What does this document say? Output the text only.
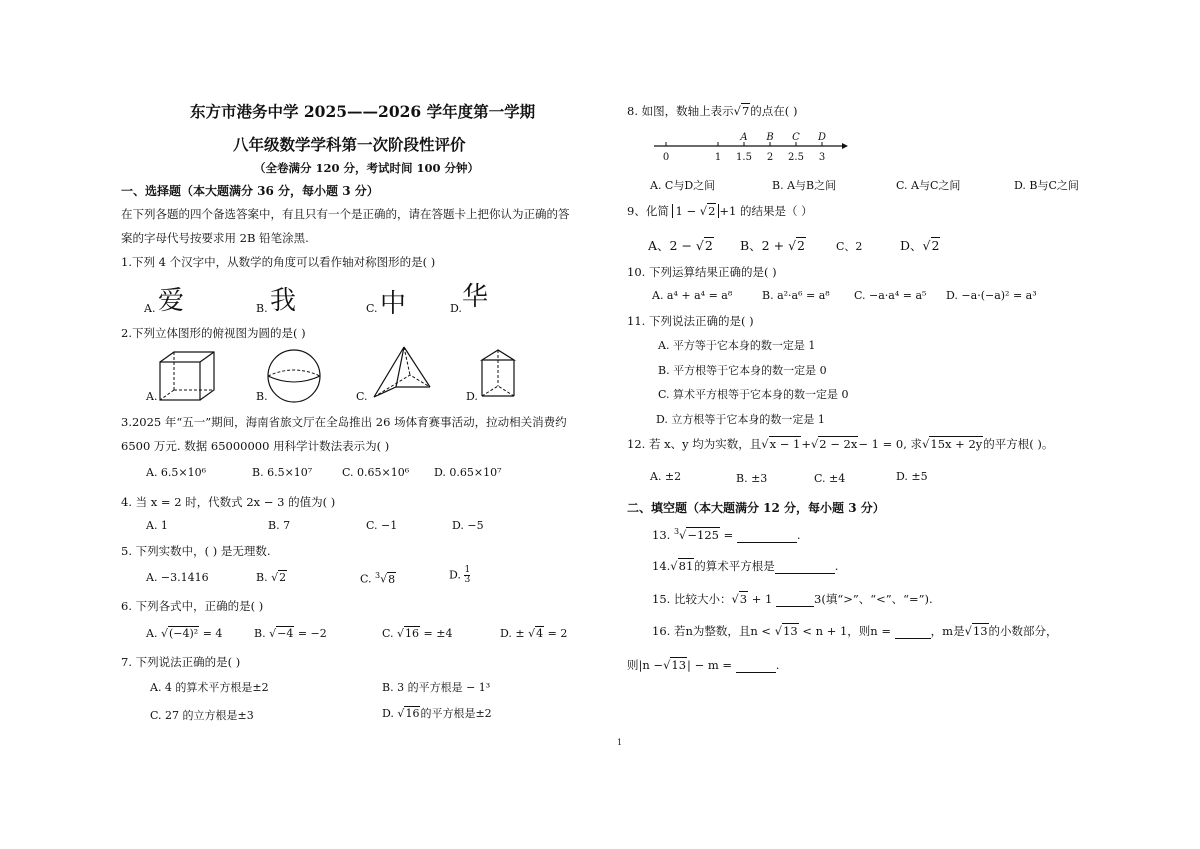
东方市港务中学 2025——2026 学年度第一学期
八年级数学学科第一次阶段性评价
（全卷满分 120 分，考试时间 100 分钟）
一、选择题（本大题满分 36 分，每小题 3 分）
在下列各题的四个备选答案中，有且只有一个是正确的，请在答题卡上把你认为正确的答
案的字母代号按要求用 2B 铅笔涂黑.
1.下列 4 个汉字中，从数学的角度可以看作轴对称图形的是( )
A. 爱	B. 我	C. 中	D. 华
2.下列立体图形的俯视图为圆的是( )
A.	B.	C.	D.
3.2025 年“五一”期间，海南省旅文厅在全岛推出 26 场体育赛事活动，拉动相关消费约
6500 万元. 数据 65000000 用科学计数法表示为( )
A. 6.5×10⁶	B. 6.5×10⁷	C. 0.65×10⁶ D. 0.65×10⁷
4. 当 x = 2 时，代数式 2x − 3 的值为( )
A. 1	B. 7	C. −1	D. −5
5. 下列实数中，( ) 是无理数.
A. −3.1416	B. √2	C. $^3$√8	D. $\frac{1}{3}$
6. 下列各式中，正确的是( )
A. √(−4)² = 4	B. √−4 = −2	C. √16 = ±4	D. ± √4 = 2
7. 下列说法正确的是( )
A. 4 的算术平方根是±2	B. 3 的平方根是 − 1³
C. 27 的立方根是±3	D. √16的平方根是±2
8. 如图，数轴上表示√7的点在( )
0	1 1.5 2 2.5 3
A B C D
A. C与D之间	B. A与B之间	C. A与C之间	D. B与C之间
9、化简 1 − √2 +1 的结果是（ ）
A、2 − √2 B、2 + √2	C、2	D、√2
10. 下列运算结果正确的是( )
A. a⁴ + a⁴ = a⁸	B. a²·a⁶ = a⁸ C. −a·a⁴ = a⁵ D. −a·(−a)² = a³
11. 下列说法正确的是( )
A. 平方等于它本身的数一定是 1
B. 平方根等于它本身的数一定是 0
C. 算术平方根等于它本身的数一定是 0
D. 立方根等于它本身的数一定是 1
12. 若 x、y 均为实数，且√x − 1+√2 − 2x− 1 = 0, 求√15x + 2y的平方根( )。
A. ±2	B. ±3	C. ±4	D. ±5
二、填空题（本大题满分 12 分，每小题 3 分）
13. $^3$√−125 =	.
14.√81的算术平方根是	.
15. 比较大小：√3 + 1	3(填“>”、“<”、“=”).
16. 若n为整数，且n < √13 < n + 1，则n =	，m是√13的小数部分，
则|n −√13| − m =	.
1
